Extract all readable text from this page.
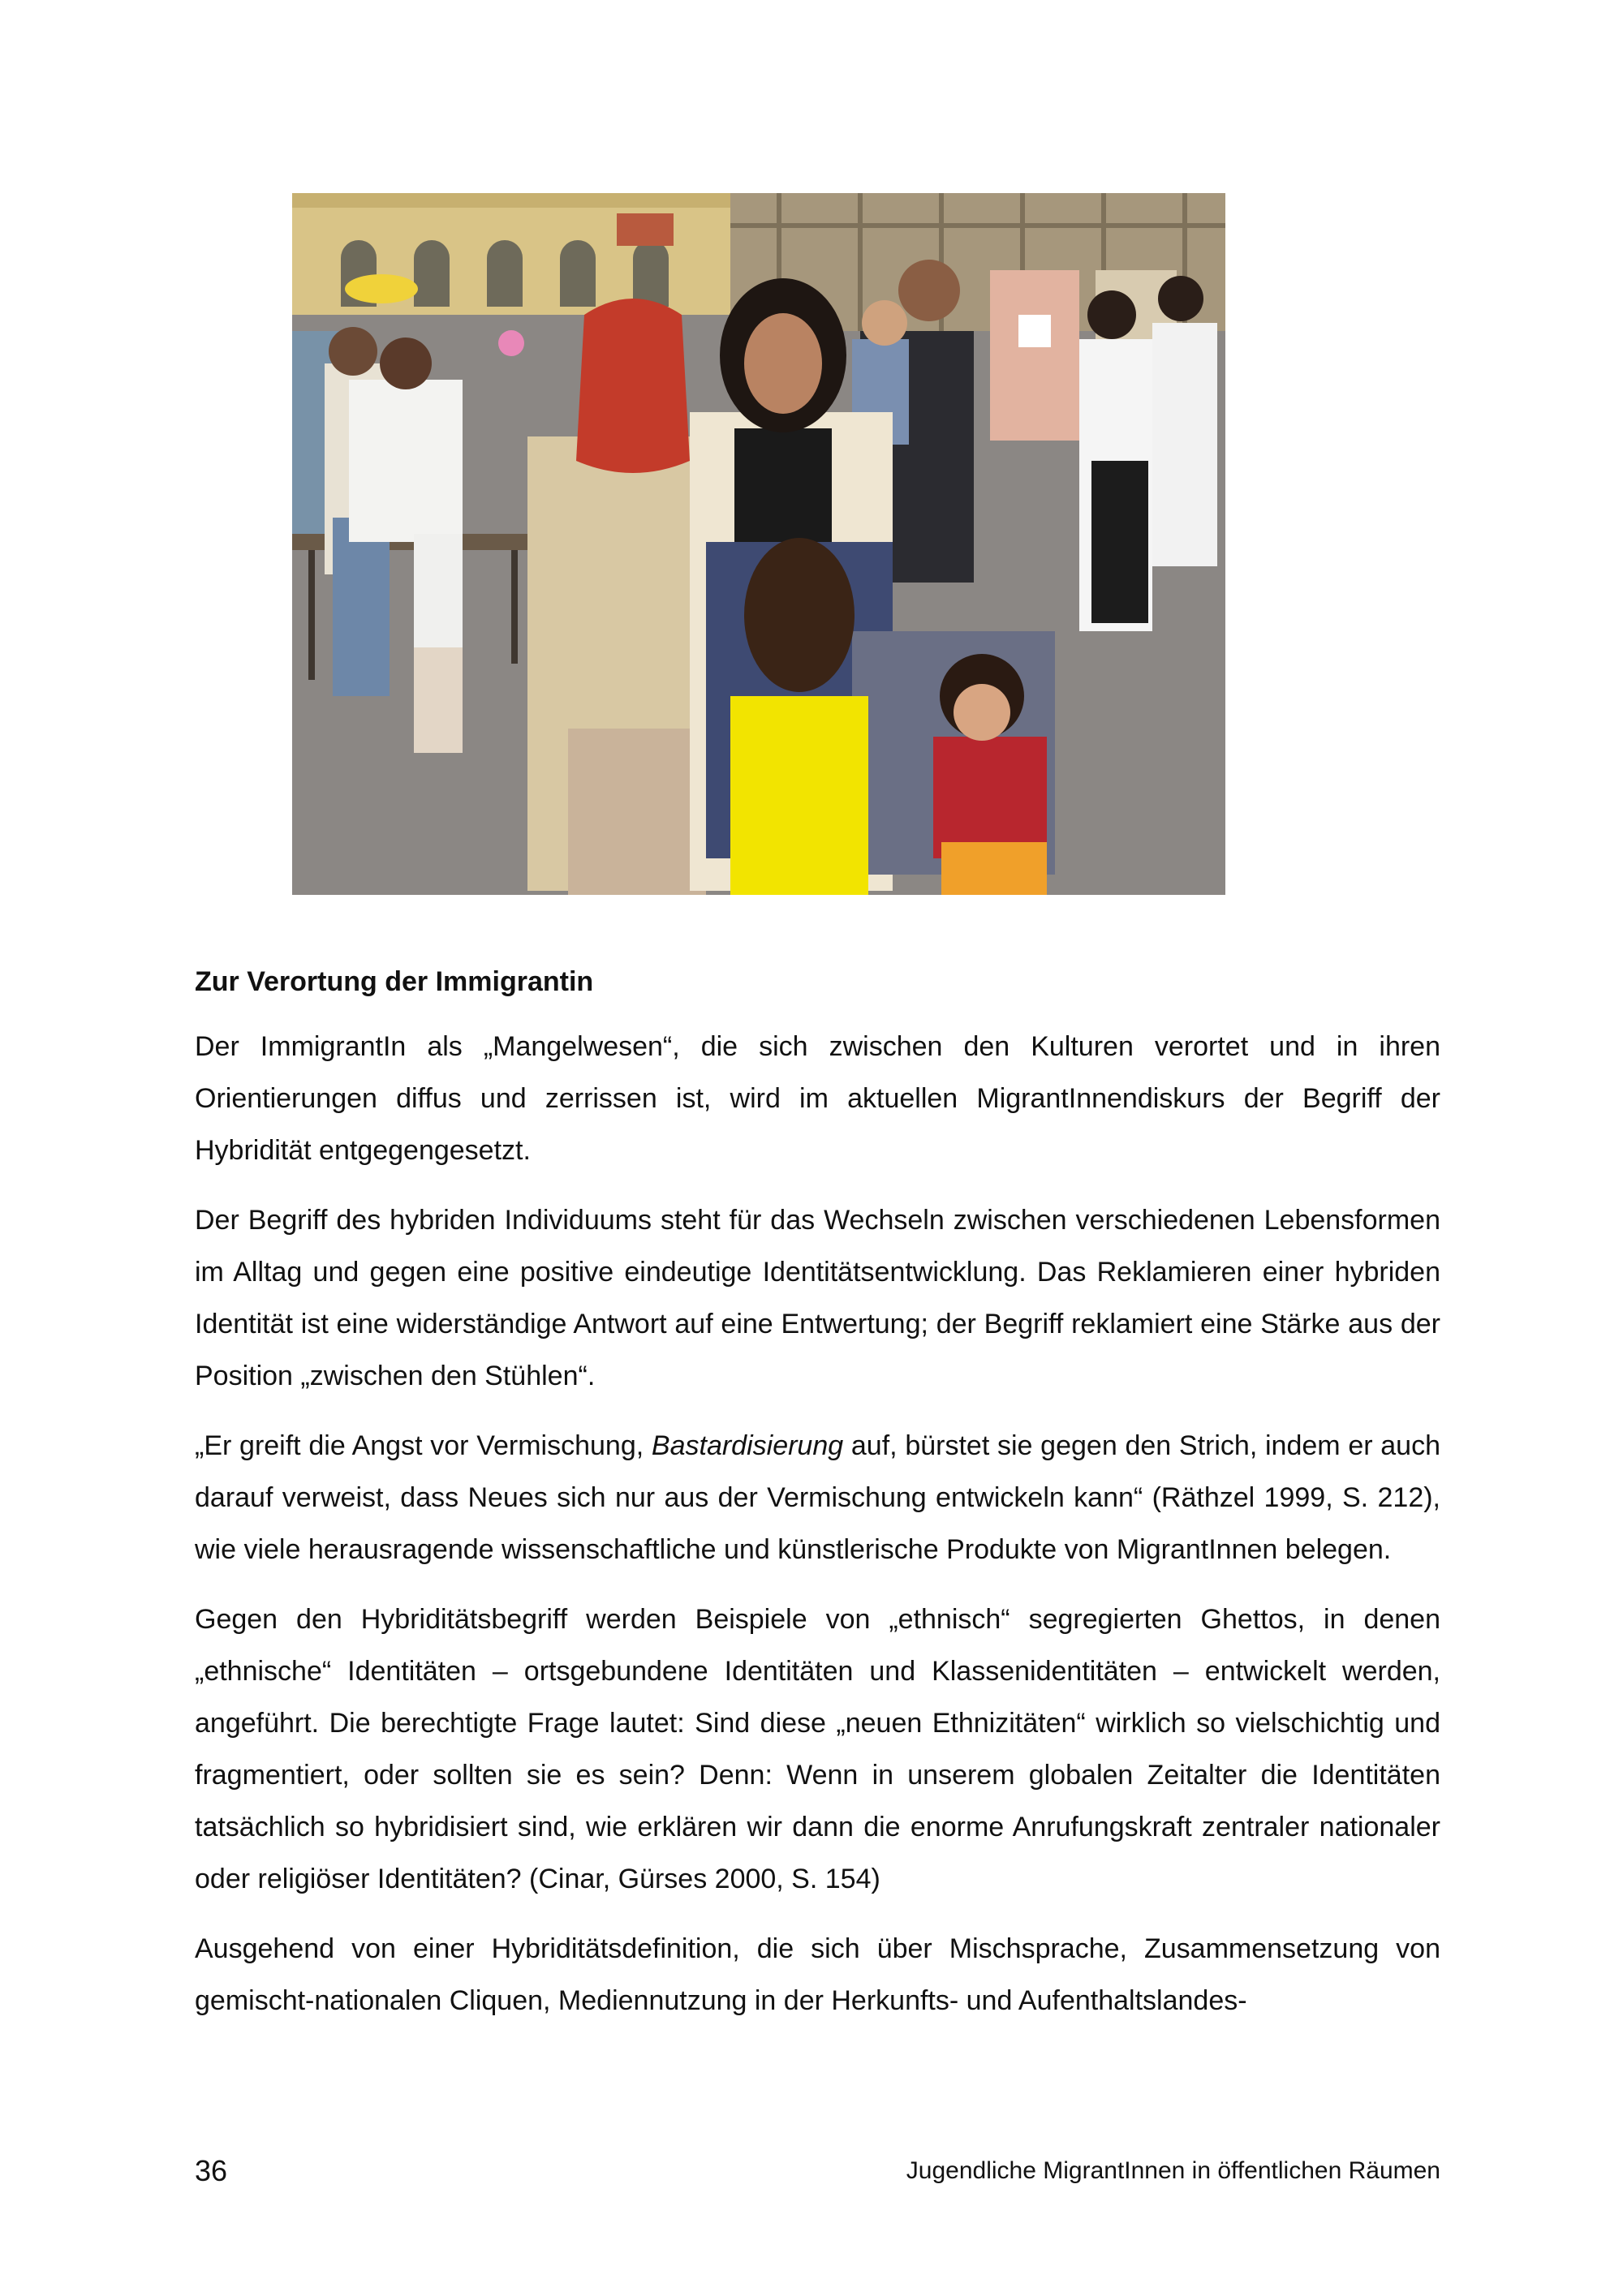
Zur Verortung der Immigrantin

Der ImmigrantIn als „Mangelwesen“, die sich zwischen den Kulturen verortet und in ihren Orientierungen diffus und zerrissen ist, wird im aktuellen MigrantInnendiskurs der Begriff der Hybridität entgegengesetzt.

Der Begriff des hybriden Individuums steht für das Wechseln zwischen verschiedenen Lebensformen im Alltag und gegen eine positive eindeutige Identitätsentwicklung. Das Reklamieren einer hybriden Identität ist eine widerständige Antwort auf eine Entwertung; der Begriff reklamiert eine Stärke aus der Position „zwischen den Stühlen“.

„Er greift die Angst vor Vermischung, Bastardisierung auf, bürstet sie gegen den Strich, indem er auch darauf verweist, dass Neues sich nur aus der Vermischung entwickeln kann“ (Räthzel 1999, S. 212), wie viele herausragende wissenschaftliche und künstlerische Produkte von MigrantInnen belegen.

Gegen den Hybriditätsbegriff werden Beispiele von „ethnisch“ segregierten Ghettos, in denen „ethnische“ Identitäten – ortsgebundene Identitäten und Klassenidentitäten – entwickelt werden, angeführt. Die berechtigte Frage lautet: Sind diese „neuen Ethnizitäten“ wirklich so vielschichtig und fragmentiert, oder sollten sie es sein? Denn: Wenn in unserem globalen Zeitalter die Identitäten tatsächlich so hybridisiert sind, wie erklären wir dann die enorme Anrufungskraft zentraler nationaler oder religiöser Identitäten? (Cinar, Gürses 2000, S. 154)

Ausgehend von einer Hybriditätsdefinition, die sich über Mischsprache, Zusammensetzung von gemischt-nationalen Cliquen, Mediennutzung in der Herkunfts- und Aufenthaltslandes-

36	Jugendliche MigrantInnen in öffentlichen Räumen
